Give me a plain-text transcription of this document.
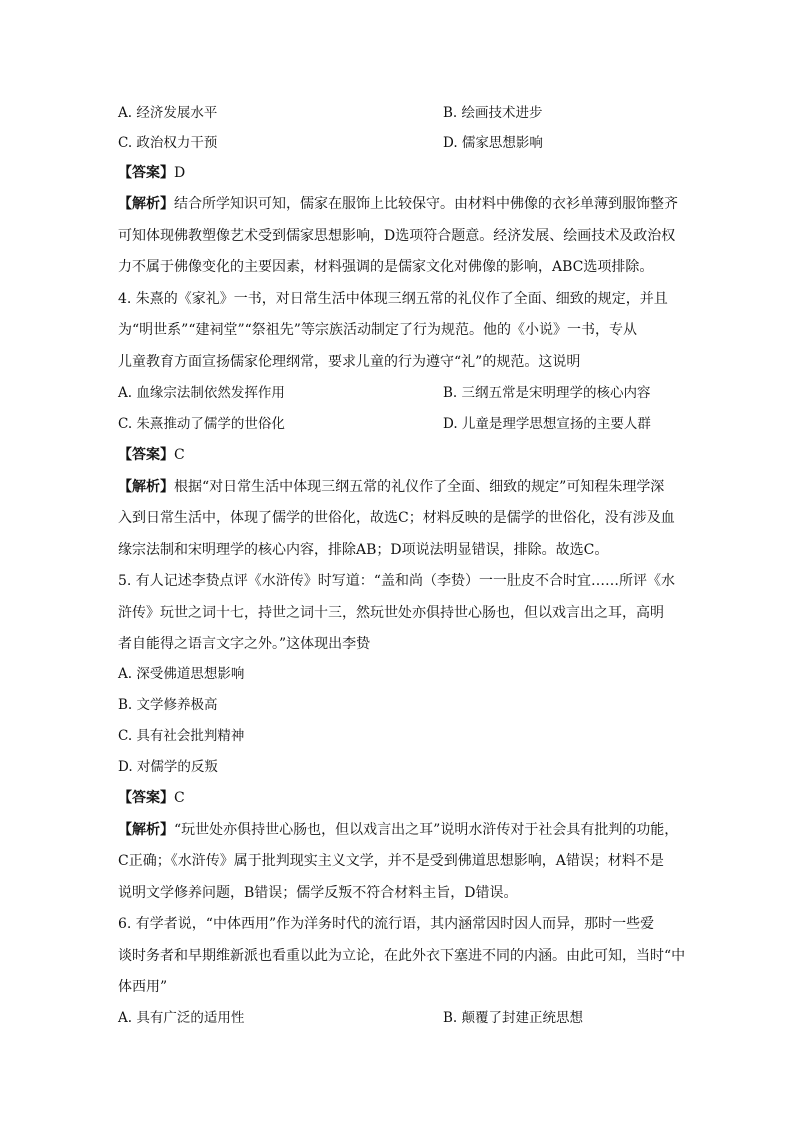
A. 经济发展水平	B. 绘画技术进步
C. 政治权力干预	D. 儒家思想影响
【答案】D
【解析】结合所学知识可知，儒家在服饰上比较保守。由材料中佛像的衣衫单薄到服饰整齐
可知体现佛教塑像艺术受到儒家思想影响，D选项符合题意。经济发展、绘画技术及政治权
力不属于佛像变化的主要因素，材料强调的是儒家文化对佛像的影响，ABC选项排除。
4. 朱熹的《家礼》一书，对日常生活中体现三纲五常的礼仪作了全面、细致的规定，并且
为“明世系”“建祠堂”“祭祖先”等宗族活动制定了行为规范。他的《小说》一书，专从
儿童教育方面宣扬儒家伦理纲常，要求儿童的行为遵守“礼”的规范。这说明
A. 血缘宗法制依然发挥作用	B. 三纲五常是宋明理学的核心内容
C. 朱熹推动了儒学的世俗化	D. 儿童是理学思想宣扬的主要人群
【答案】C
【解析】根据“对日常生活中体现三纲五常的礼仪作了全面、细致的规定”可知程朱理学深
入到日常生活中，体现了儒学的世俗化，故选C；材料反映的是儒学的世俗化，没有涉及血
缘宗法制和宋明理学的核心内容，排除AB；D项说法明显错误，排除。故选C。
5. 有人记述李贽点评《水浒传》时写道：“盖和尚（李贽）一一肚皮不合时宜……所评《水
浒传》玩世之词十七，持世之词十三，然玩世处亦俱持世心肠也，但以戏言出之耳，高明
者自能得之语言文字之外。”这体现出李贽
A. 深受佛道思想影响
B. 文学修养极高
C. 具有社会批判精神
D. 对儒学的反叛
【答案】C
【解析】“玩世处亦俱持世心肠也，但以戏言出之耳”说明水浒传对于社会具有批判的功能，
C正确；《水浒传》属于批判现实主义文学，并不是受到佛道思想影响，A错误；材料不是
说明文学修养问题，B错误；儒学反叛不符合材料主旨，D错误。
6. 有学者说，“中体西用”作为洋务时代的流行语，其内涵常因时因人而异，那时一些爱
谈时务者和早期维新派也看重以此为立论，在此外衣下塞进不同的内涵。由此可知，当时“中
体西用”
A. 具有广泛的适用性	B. 颠覆了封建正统思想
